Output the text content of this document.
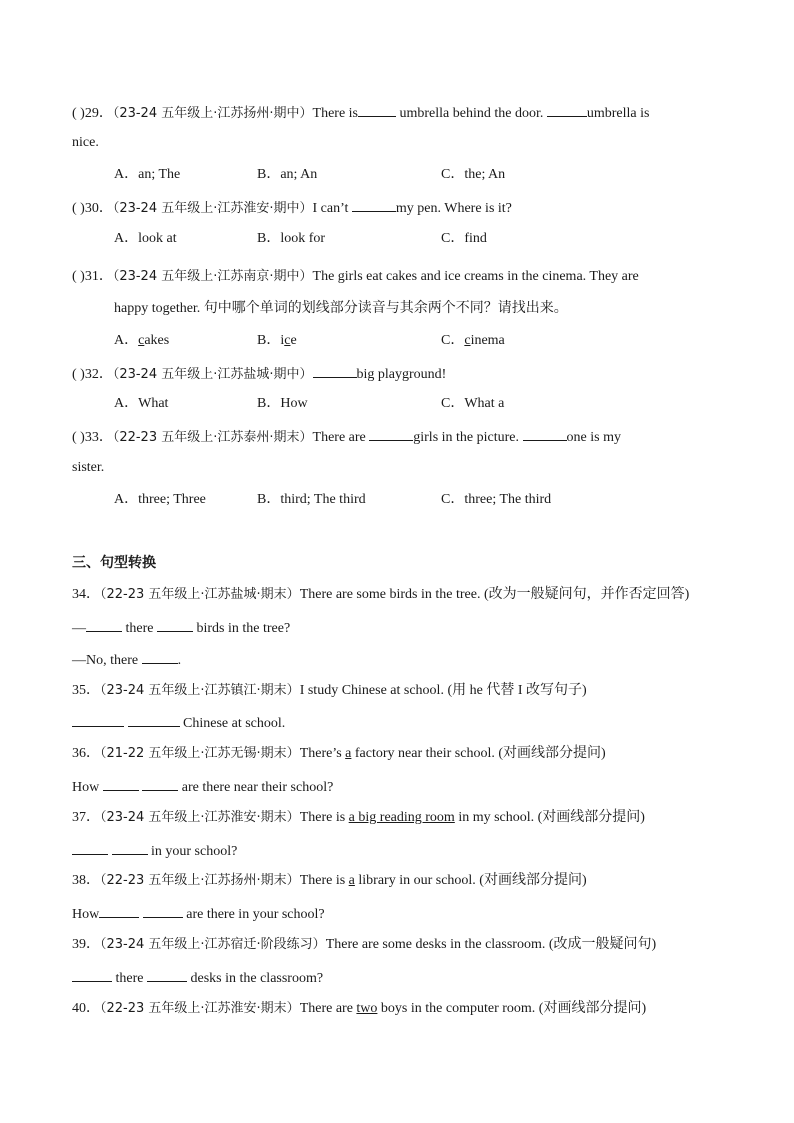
( )29．（23-24 五年级上·江苏扬州·期中）There is	umbrella behind the door.	umbrella is
nice.
A．an; The	B．an; An	C．the; An
( )30．（23-24 五年级上·江苏淮安·期中）I can’t	my pen. Where is it?
A．look at	B．look for	C．find
( )31．（23-24 五年级上·江苏南京·期中）The girls eat cakes and ice creams in the cinema. They are
happy together. 句中哪个单词的划线部分读音与其余两个不同？请找出来。
A．cakes	B．ice	C．cinema
( )32．（23-24 五年级上·江苏盐城·期中）	big playground!
A．What	B．How	C．What a
( )33．（22-23 五年级上·江苏泰州·期末）There are	girls in the picture.	one is my
sister.
A．three; Three	B．third; The third	C．three; The third
三、句型转换
34．（22-23 五年级上·江苏盐城·期末）There are some birds in the tree. (改为一般疑问句，并作否定回答)
—	there	birds in the tree?
—No, there	.
35．（23-24 五年级上·江苏镇江·期末）I study Chinese at school. (用 he 代替 I 改写句子)
Chinese at school.
36．（21-22 五年级上·江苏无锡·期末）There’s a factory near their school. (对画线部分提问)
How	are there near their school?
37．（23-24 五年级上·江苏淮安·期末）There is a big reading room in my school. (对画线部分提问)
in your school?
38．（22-23 五年级上·江苏扬州·期末）There is a library in our school. (对画线部分提问)
How	are there in your school?
39．（23-24 五年级上·江苏宿迁·阶段练习）There are some desks in the classroom. (改成一般疑问句)
there	desks in the classroom?
40．（22-23 五年级上·江苏淮安·期末）There are two boys in the computer room. (对画线部分提问)
